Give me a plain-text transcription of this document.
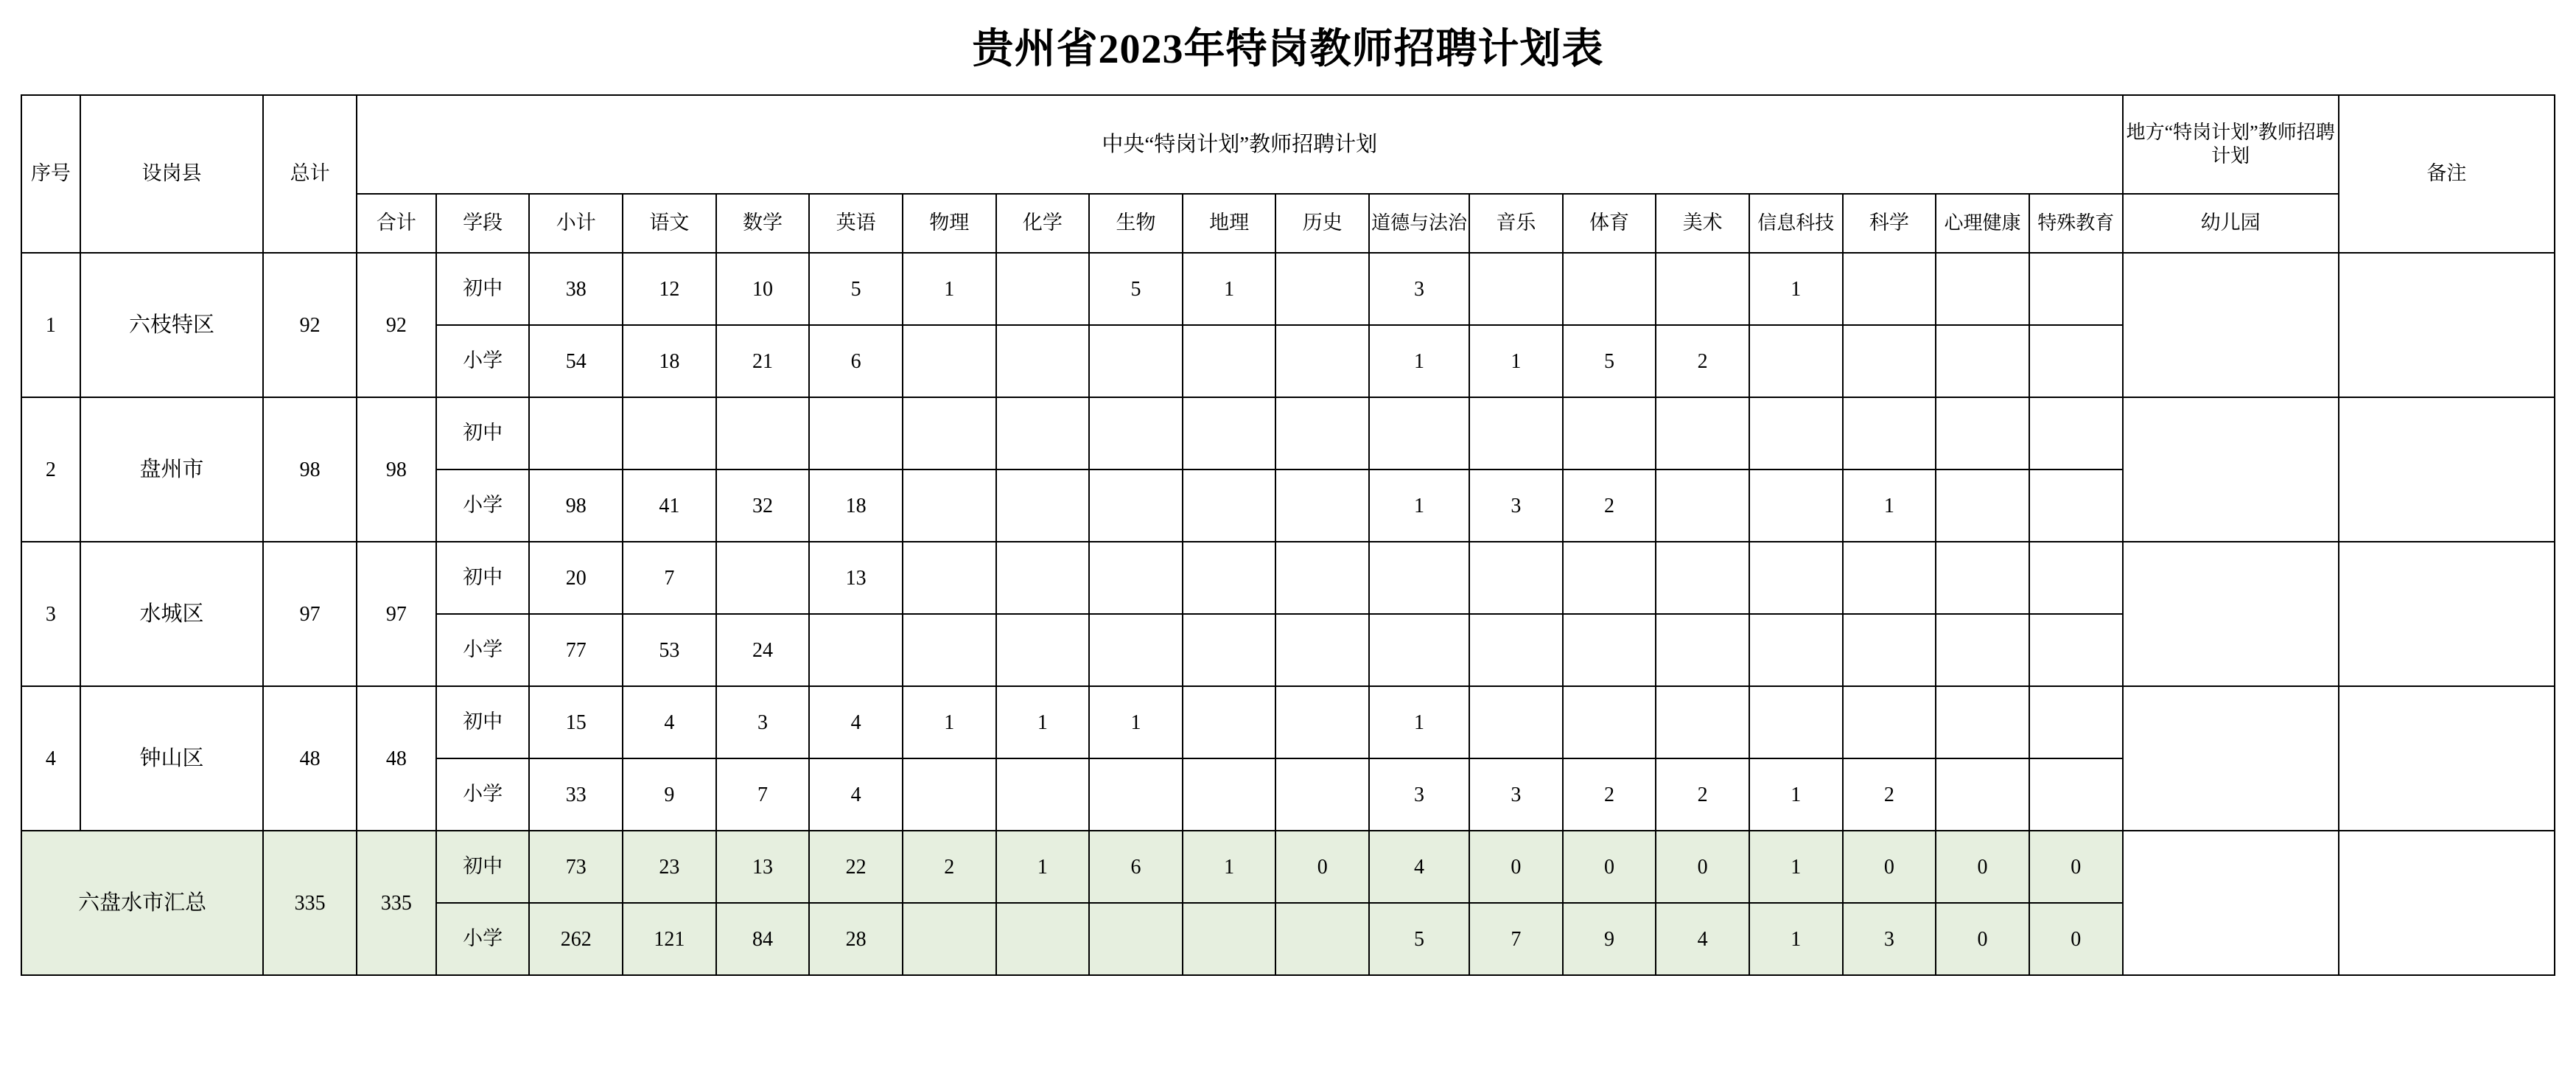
贵州省2023年特岗教师招聘计划表
序号	设岗县	总计	中央“特岗计划”教师招聘计划																			地方“特岗计划”教师招聘计划	备注
			合计	学段	小计	语文	数学	英语	物理	化学	生物	地理	历史	道德与法治	音乐	体育	美术	信息科技	科学	心理健康	特殊教育	幼儿园	
1	六枝特区	92	92	初中	38	12	10	5	1		5	1		3				1					
				小学	54	18	21	6						1	1	5	2						
2	盘州市	98	98	初中																			
				小学	98	41	32	18						1	3	2			1				
3	水城区	97	97	初中	20	7		13															
				小学	77	53	24																
4	钟山区	48	48	初中	15	4	3	4	1	1	1			1									
				小学	33	9	7	4						3	3	2	2	1	2				
六盘水市汇总		335	335	初中	73	23	13	22	2	1	6	1	0	4	0	0	0	1	0	0	0		
				小学	262	121	84	28						5	7	9	4	1	3	0	0		
